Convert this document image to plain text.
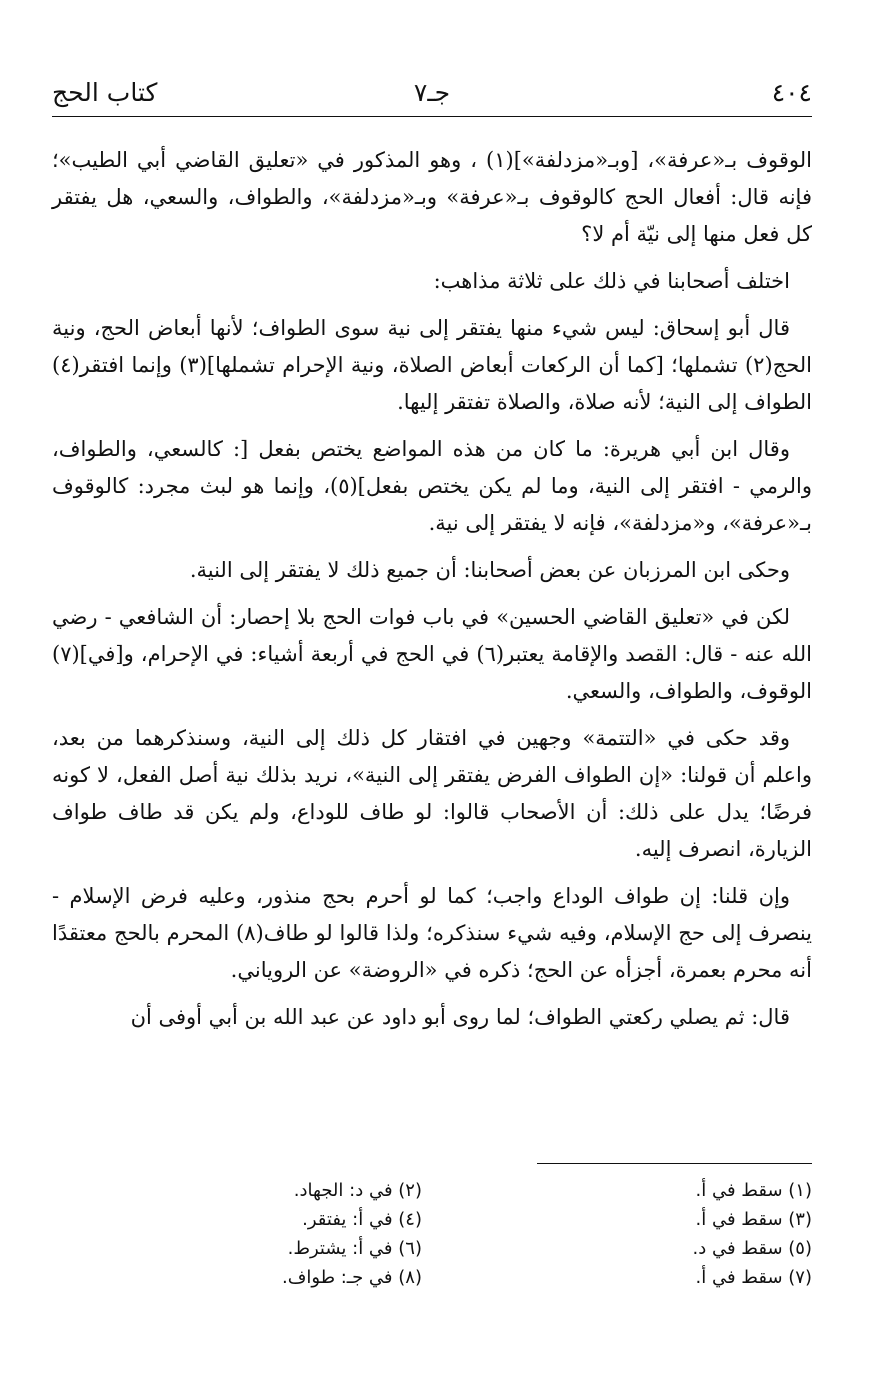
٤٠٤
جـ٧
كتاب الحج

الوقوف بـ«عرفة»، [وبـ«مزدلفة»](١) ، وهو المذكور في «تعليق القاضي أبي الطيب»؛ فإنه قال: أفعال الحج كالوقوف بـ«عرفة» وبـ«مزدلفة»، والطواف، والسعي، هل يفتقر كل فعل منها إلى نيّة أم لا؟

اختلف أصحابنا في ذلك على ثلاثة مذاهب:

قال أبو إسحاق: ليس شيء منها يفتقر إلى نية سوى الطواف؛ لأنها أبعاض الحج، ونية الحج(٢) تشملها؛ [كما أن الركعات أبعاض الصلاة، ونية الإحرام تشملها](٣) وإنما افتقر(٤) الطواف إلى النية؛ لأنه صلاة، والصلاة تفتقر إليها.

وقال ابن أبي هريرة: ما كان من هذه المواضع يختص بفعل [: كالسعي، والطواف، والرمي - افتقر إلى النية، وما لم يكن يختص بفعل](٥)، وإنما هو لبث مجرد: كالوقوف بـ«عرفة»، و«مزدلفة»، فإنه لا يفتقر إلى نية.

وحكى ابن المرزبان عن بعض أصحابنا: أن جميع ذلك لا يفتقر إلى النية.

لكن في «تعليق القاضي الحسين» في باب فوات الحج بلا إحصار: أن الشافعي - رضي الله عنه - قال: القصد والإقامة يعتبر(٦) في الحج في أربعة أشياء: في الإحرام، و[في](٧) الوقوف، والطواف، والسعي.

وقد حكى في «التتمة» وجهين في افتقار كل ذلك إلى النية، وسنذكرهما من بعد، واعلم أن قولنا: «إن الطواف الفرض يفتقر إلى النية»، نريد بذلك نية أصل الفعل، لا كونه فرضًا؛ يدل على ذلك: أن الأصحاب قالوا: لو طاف للوداع، ولم يكن قد طاف طواف الزيارة، انصرف إليه.

وإن قلنا: إن طواف الوداع واجب؛ كما لو أحرم بحج منذور، وعليه فرض الإسلام - ينصرف إلى حج الإسلام، وفيه شيء سنذكره؛ ولذا قالوا لو طاف(٨) المحرم بالحج معتقدًا أنه محرم بعمرة، أجزأه عن الحج؛ ذكره في «الروضة» عن الروياني.

قال: ثم يصلي ركعتي الطواف؛ لما روى أبو داود عن عبد الله بن أبي أوفى أن

(١) سقط في أ.
(٢) في د: الجهاد.
(٣) سقط في أ.
(٤) في أ: يفتقر.
(٥) سقط في د.
(٦) في أ: يشترط.
(٧) سقط في أ.
(٨) في جـ: طواف.
